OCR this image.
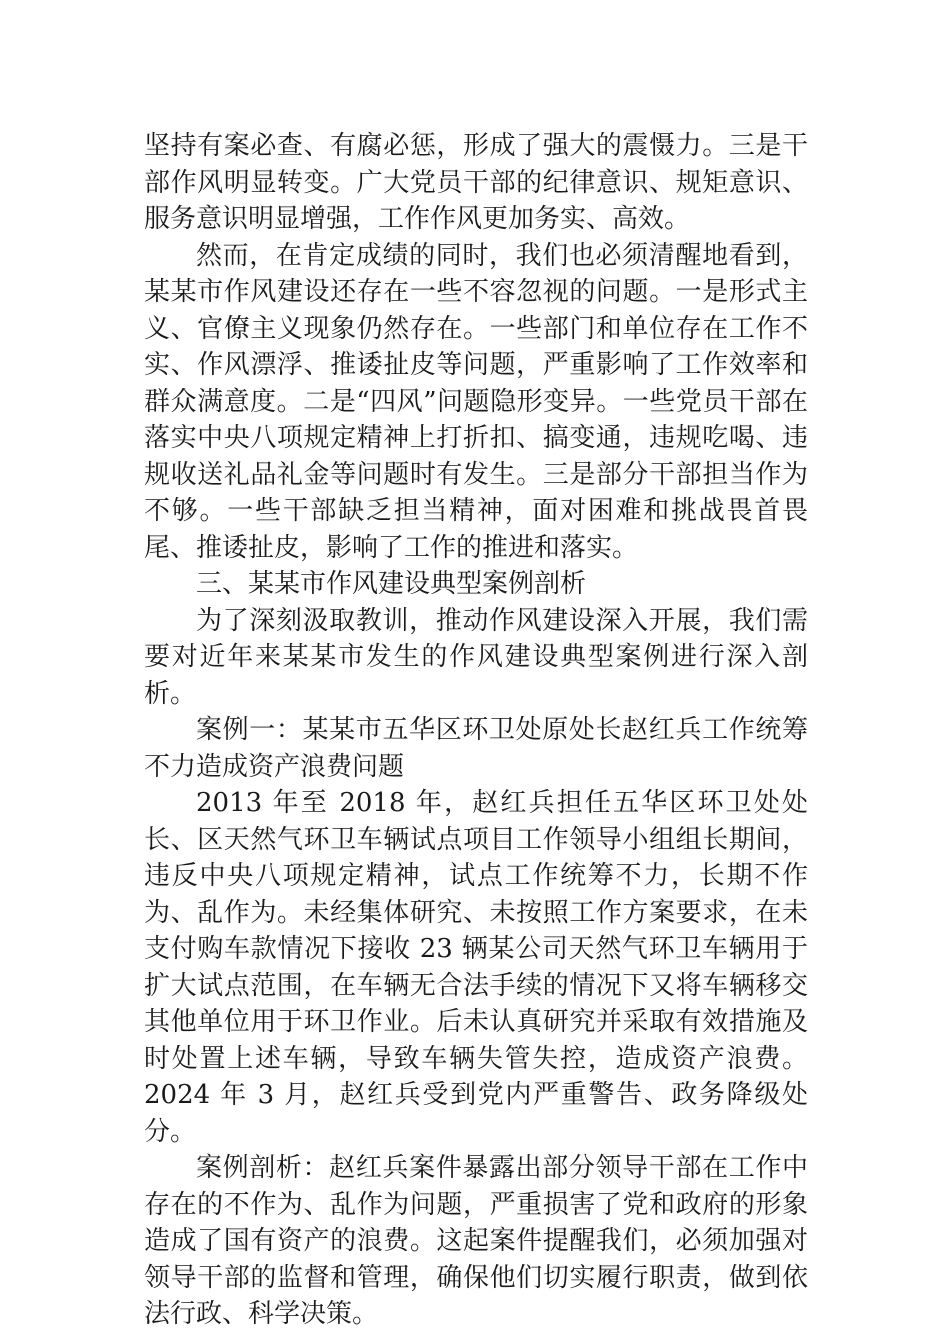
坚持有案必查、有腐必惩，形成了强大的震慑力。三是干部作风明显转变。广大党员干部的纪律意识、规矩意识、服务意识明显增强，工作作风更加务实、高效。

然而，在肯定成绩的同时，我们也必须清醒地看到，某某市作风建设还存在一些不容忽视的问题。一是形式主义、官僚主义现象仍然存在。一些部门和单位存在工作不实、作风漂浮、推诿扯皮等问题，严重影响了工作效率和群众满意度。二是“四风”问题隐形变异。一些党员干部在落实中央八项规定精神上打折扣、搞变通，违规吃喝、违规收送礼品礼金等问题时有发生。三是部分干部担当作为不够。一些干部缺乏担当精神，面对困难和挑战畏首畏尾、推诿扯皮，影响了工作的推进和落实。

三、某某市作风建设典型案例剖析

为了深刻汲取教训，推动作风建设深入开展，我们需要对近年来某某市发生的作风建设典型案例进行深入剖析。

案例一：某某市五华区环卫处原处长赵红兵工作统筹不力造成资产浪费问题

2013 年至 2018 年，赵红兵担任五华区环卫处处长、区天然气环卫车辆试点项目工作领导小组组长期间，违反中央八项规定精神，试点工作统筹不力，长期不作为、乱作为。未经集体研究、未按照工作方案要求，在未支付购车款情况下接收 23 辆某公司天然气环卫车辆用于扩大试点范围，在车辆无合法手续的情况下又将车辆移交其他单位用于环卫作业。后未认真研究并采取有效措施及时处置上述车辆，导致车辆失管失控，造成资产浪费。2024 年 3 月，赵红兵受到党内严重警告、政务降级处分。

案例剖析：赵红兵案件暴露出部分领导干部在工作中存在的不作为、乱作为问题，严重损害了党和政府的形象造成了国有资产的浪费。这起案件提醒我们，必须加强对领导干部的监督和管理，确保他们切实履行职责，做到依法行政、科学决策。
